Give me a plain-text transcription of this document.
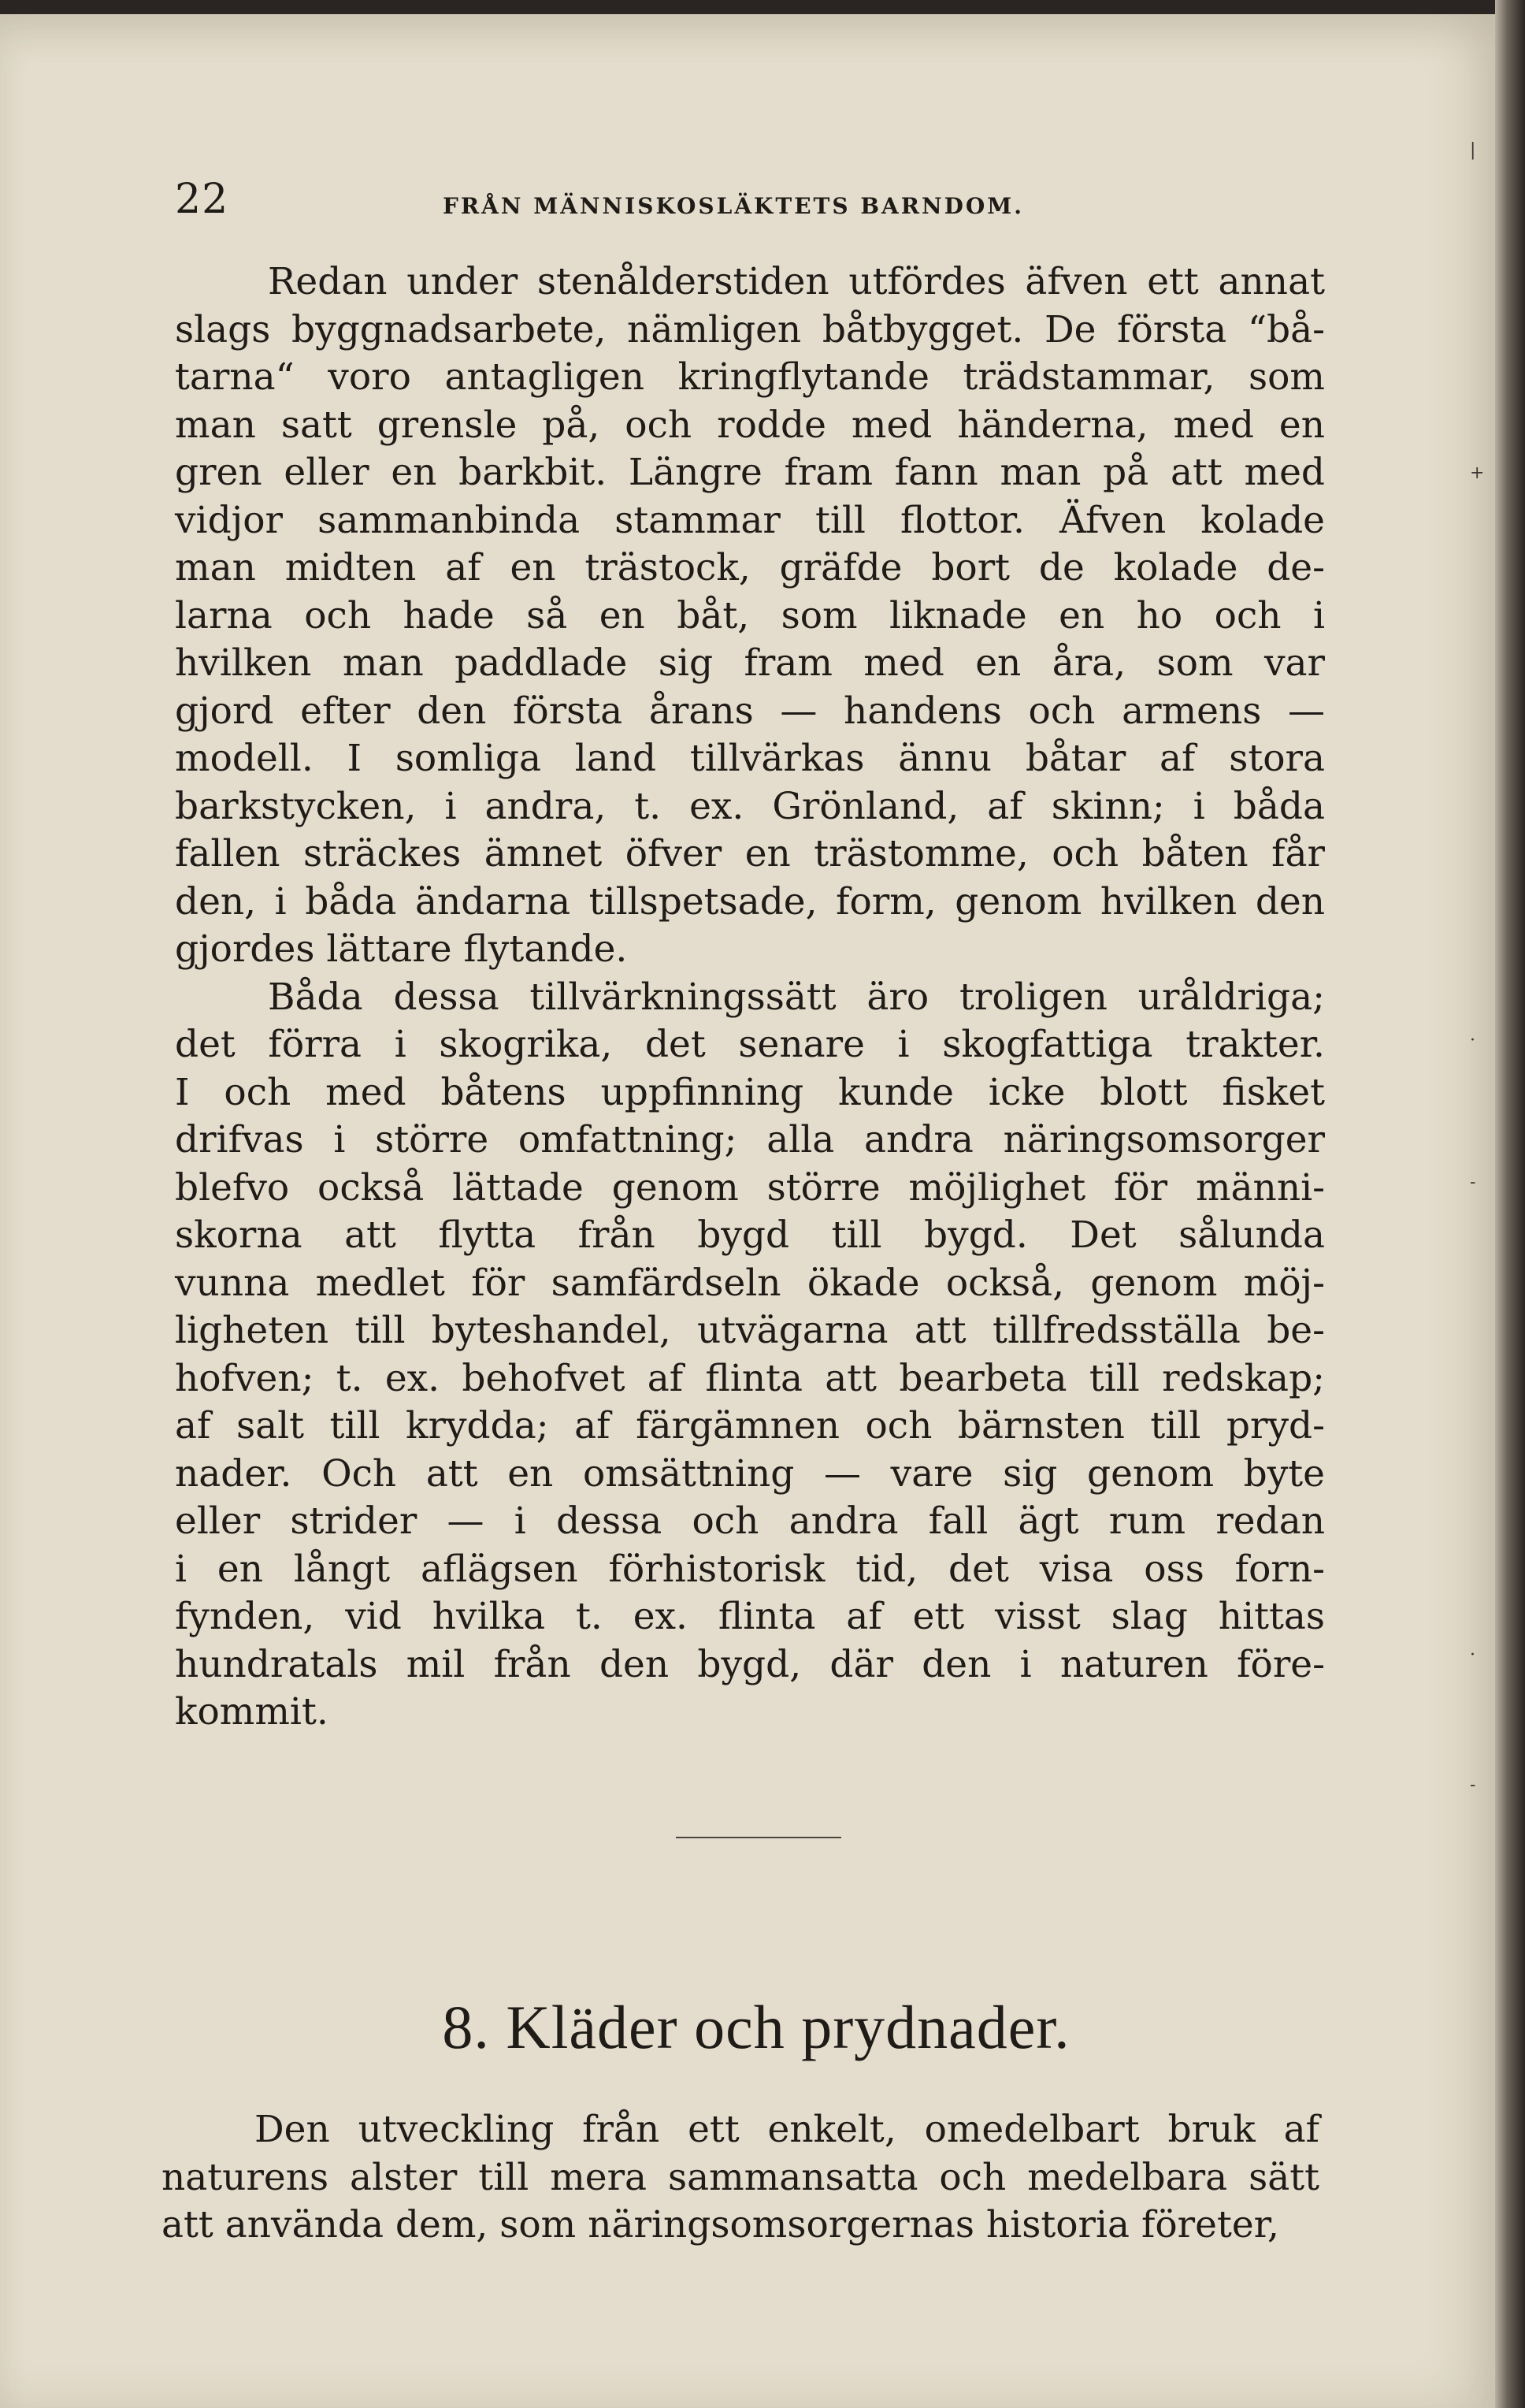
22	FRÅN MÄNNISKOSLÄKTETS BARNDOM.
Redan under stenålderstiden utfördes äfven ett annat
slags byggnadsarbete, nämligen båtbygget. De första “bå-
tarna“ voro antagligen kringflytande trädstammar, som
man satt grensle på, och rodde med händerna, med en
gren eller en barkbit. Längre fram fann man på att med
vidjor sammanbinda stammar till flottor. Äfven kolade
man midten af en trästock, gräfde bort de kolade de-
larna och hade så en båt, som liknade en ho och i
hvilken man paddlade sig fram med en åra, som var
gjord efter den första årans — handens och armens —
modell. I somliga land tillvärkas ännu båtar af stora
barkstycken, i andra, t. ex. Grönland, af skinn; i båda
fallen sträckes ämnet öfver en trästomme, och båten får
den, i båda ändarna tillspetsade, form, genom hvilken den
gjordes lättare flytande.
Båda dessa tillvärkningssätt äro troligen uråldriga;
det förra i skogrika, det senare i skogfattiga trakter.
I och med båtens uppfinning kunde icke blott fisket
drifvas i större omfattning; alla andra näringsomsorger
blefvo också lättade genom större möjlighet för männi-
skorna att flytta från bygd till bygd. Det sålunda
vunna medlet för samfärdseln ökade också, genom möj-
ligheten till byteshandel, utvägarna att tillfredsställa be-
hofven; t. ex. behofvet af flinta att bearbeta till redskap;
af salt till krydda; af färgämnen och bärnsten till pryd-
nader. Och att en omsättning — vare sig genom byte
eller strider — i dessa och andra fall ägt rum redan
i en långt aflägsen förhistorisk tid, det visa oss forn-
fynden, vid hvilka t. ex. flinta af ett visst slag hittas
hundratals mil från den bygd, där den i naturen före-
kommit.
8. Kläder och prydnader.
Den utveckling från ett enkelt, omedelbart bruk af
naturens alster till mera sammansatta och medelbara sätt
att använda dem, som näringsomsorgernas historia företer,
|
+
·
-
·
-
